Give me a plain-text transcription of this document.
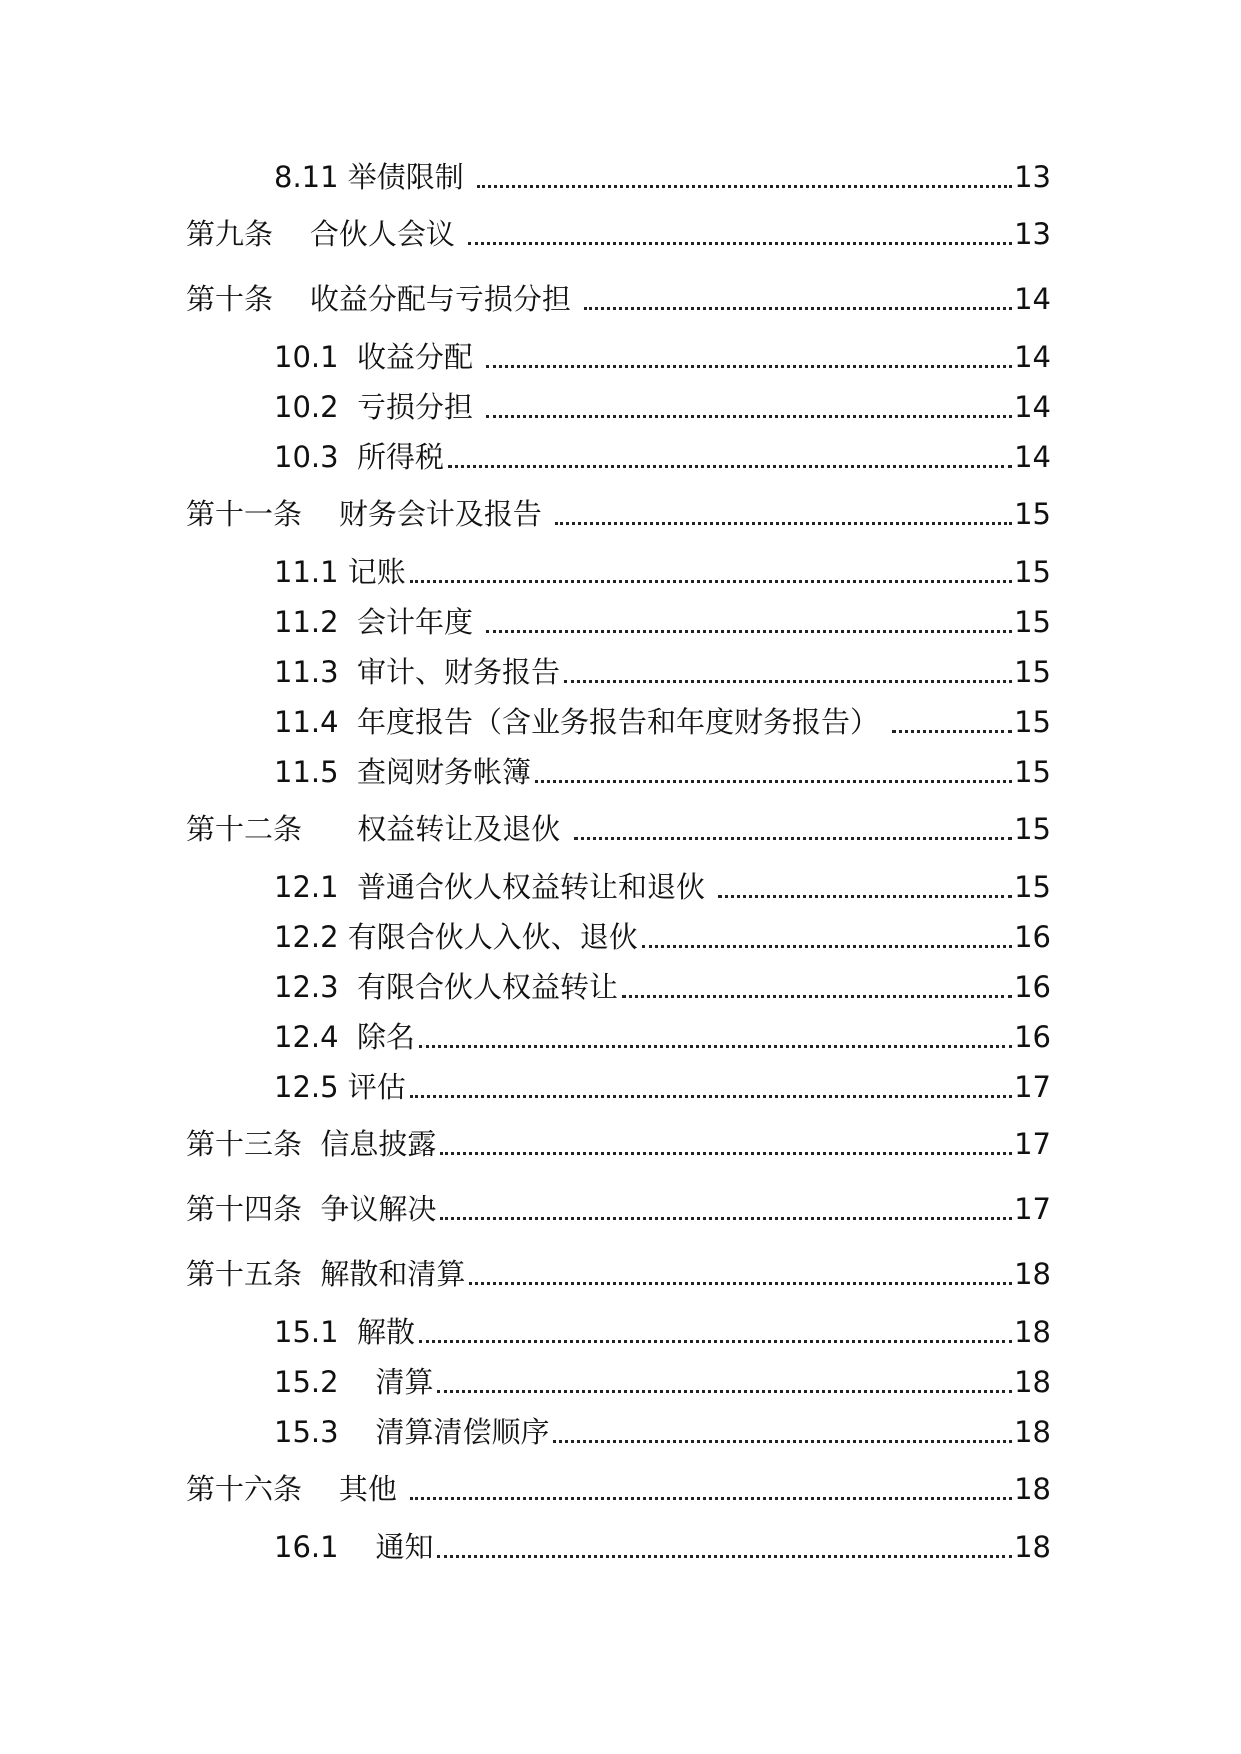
8.11 举债限制	13
第九条    合伙人会议	13
第十条    收益分配与亏损分担	14
10.1  收益分配	14
10.2  亏损分担	14
10.3  所得税	14
第十一条    财务会计及报告	15
11.1 记账	15
11.2  会计年度	15
11.3  审计、财务报告	15
11.4  年度报告（含业务报告和年度财务报告）	15
11.5  查阅财务帐簿	15
第十二条      权益转让及退伙	15
12.1  普通合伙人权益转让和退伙	15
12.2 有限合伙人入伙、退伙	16
12.3  有限合伙人权益转让	16
12.4  除名	16
12.5 评估	17
第十三条  信息披露	17
第十四条  争议解决	17
第十五条  解散和清算	18
15.1  解散	18
15.2    清算	18
15.3    清算清偿顺序	18
第十六条    其他	18
16.1    通知	18
